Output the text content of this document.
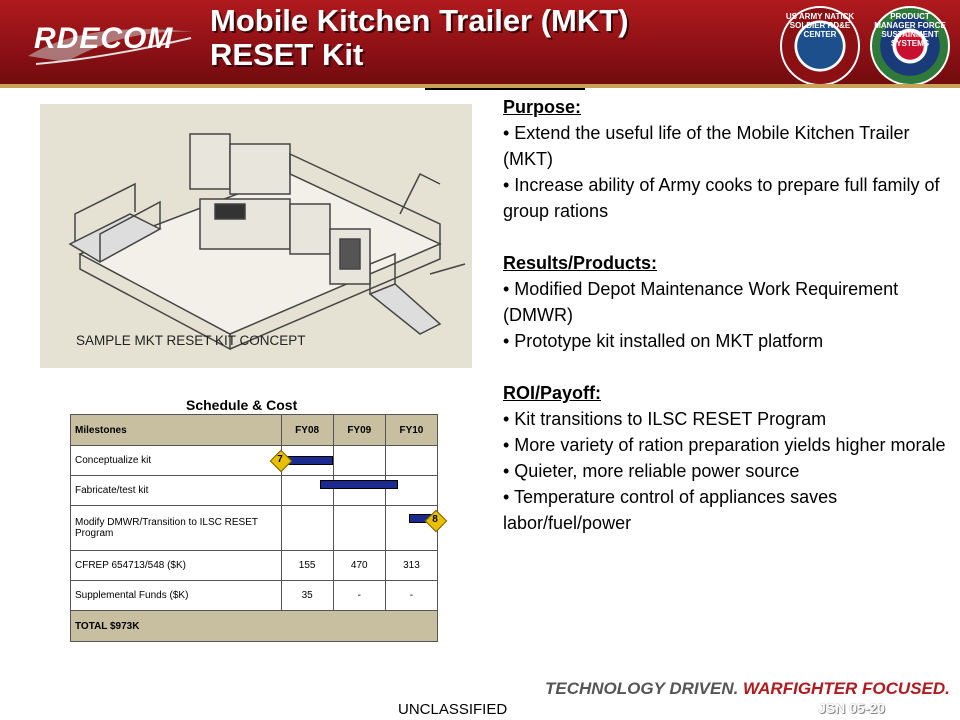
RDECOM
Mobile Kitchen Trailer (MKT)
RESET Kit
US ARMY NATICK SOLDIER RD&E CENTER
PRODUCT MANAGER FORCE SUSTAINMENT SYSTEMS
SAMPLE MKT RESET KIT CONCEPT
Purpose:
• Extend the useful life of the Mobile Kitchen Trailer (MKT)
• Increase ability of Army cooks to prepare full family of group rations
Results/Products:
• Modified Depot Maintenance Work Requirement (DMWR)
• Prototype kit installed on MKT platform
ROI/Payoff:
• Kit transitions to ILSC RESET Program
• More variety of ration preparation yields higher morale
• Quieter, more reliable power source
• Temperature control of appliances saves labor/fuel/power
Schedule & Cost
Milestones	FY08	FY09	FY10
Conceptualize kit			
Fabricate/test kit			
Modify DMWR/Transition to ILSC RESET Program			
CFREP 654713/548 ($K)	155	470	313
Supplemental Funds ($K)	35	-	-
TOTAL $973K			
7
8
TECHNOLOGY DRIVEN. WARFIGHTER FOCUSED.
UNCLASSIFIED	JSN 05-20
